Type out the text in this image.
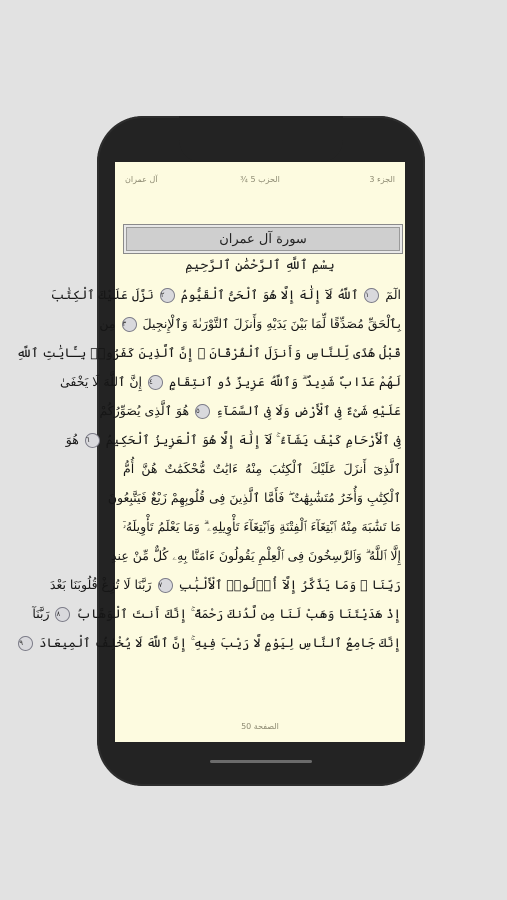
آل عمران	¾ الحزب 5	الجزء 3
سورة آل عمران
بِسْمِ ٱللَّهِ ٱلرَّحْمَٰنِ ٱلرَّحِيمِ
الٓمٓ ١ ٱللَّهُ لَآ إِلَٰهَ إِلَّا هُوَ ٱلْحَىُّ ٱلْقَيُّومُ ٢ نَزَّلَ عَلَيْكَ ٱلْكِتَٰبَ
بِٱلْحَقِّ مُصَدِّقًا لِّمَا بَيْنَ يَدَيْهِ وَأَنزَلَ ٱلتَّوْرَىٰةَ وَٱلْإِنجِيلَ ٣ مِن
قَبْلُ هُدًى لِّلنَّاسِ وَأَنزَلَ ٱلْفُرْقَانَ ۗ إِنَّ ٱلَّذِينَ كَفَرُوا۟ بِـَٔايَٰتِ ٱللَّهِ
لَهُمْ عَذَابٌ شَدِيدٌ ۗ وَٱللَّهُ عَزِيزٌ ذُو ٱنتِقَامٍ ٤ إِنَّ ٱللَّهَ لَا يَخْفَىٰ
عَلَيْهِ شَىْءٌ فِى ٱلْأَرْضِ وَلَا فِى ٱلسَّمَآءِ ٥ هُوَ ٱلَّذِى يُصَوِّرُكُمْ
فِى ٱلْأَرْحَامِ كَيْفَ يَشَآءُ ۚ لَآ إِلَٰهَ إِلَّا هُوَ ٱلْعَزِيزُ ٱلْحَكِيمُ ٦ هُوَ
ٱلَّذِىٓ أَنزَلَ عَلَيْكَ ٱلْكِتَٰبَ مِنْهُ ءَايَٰتٌ مُّحْكَمَٰتٌ هُنَّ أُمُّ
ٱلْكِتَٰبِ وَأُخَرُ مُتَشَٰبِهَٰتٌ ۖ فَأَمَّا ٱلَّذِينَ فِى قُلُوبِهِمْ زَيْغٌ فَيَتَّبِعُونَ
مَا تَشَٰبَهَ مِنْهُ ٱبْتِغَآءَ ٱلْفِتْنَةِ وَٱبْتِغَآءَ تَأْوِيلِهِۦ ۗ وَمَا يَعْلَمُ تَأْوِيلَهُۥٓ
إِلَّا ٱللَّهُ ۗ وَٱلرَّٰسِخُونَ فِى ٱلْعِلْمِ يَقُولُونَ ءَامَنَّا بِهِۦ كُلٌّ مِّنْ عِندِ
رَبِّنَا ۗ وَمَا يَذَّكَّرُ إِلَّآ أُو۟لُوا۟ ٱلْأَلْبَٰبِ ٧ رَبَّنَا لَا تُزِغْ قُلُوبَنَا بَعْدَ
إِذْ هَدَيْتَنَا وَهَبْ لَنَا مِن لَّدُنكَ رَحْمَةً ۚ إِنَّكَ أَنتَ ٱلْوَهَّابُ ٨ رَبَّنَآ
إِنَّكَ جَامِعُ ٱلنَّاسِ لِيَوْمٍ لَّا رَيْبَ فِيهِ ۚ إِنَّ ٱللَّهَ لَا يُخْلِفُ ٱلْمِيعَادَ ٩
الصفحة 50
